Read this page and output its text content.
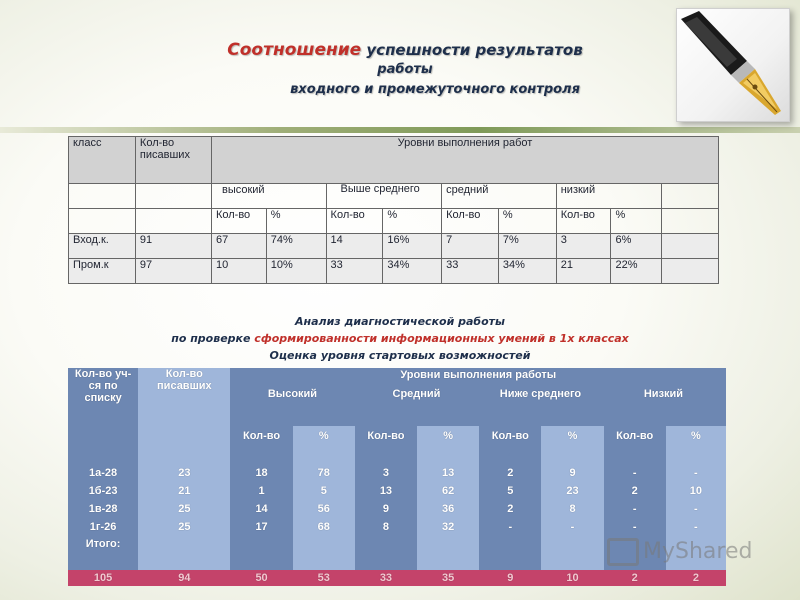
Соотношение успешности результатов
работы
входного и промежуточного контроля
класс	Кол-во писавших	Уровни выполнения работ								
		высокий		Выше среднего		средний		низкий		
		Кол-во	%	Кол-во	%	Кол-во	%	Кол-во	%	
Вход.к.	91	67	74%	14	16%	7	7%	3	6%	
Пром.к	97	10	10%	33	34%	33	34%	21	22%	
Анализ диагностической работы
по проверке сформированности информационных умений в 1х классах
Оценка уровня стартовых возможностей
Кол-во уч-ся по списку	Кол-во писавших	Уровни выполнения работы
Высокий Средний Ниже среднего Низкий							

		Кол-во	%	Кол-во	%	Кол-во	%	Кол-во	%

1а-28	23	18	78	3	13	2	9	-	-
1б-23	21	1	5	13	62	5	23	2	10
1в-28	25	14	56	9	36	2	8	-	-
1г-26	25	17	68	8	32	-	-	-	-
Итого:									

105	94	50	53	33	35	9	10	2	2
MyShared
